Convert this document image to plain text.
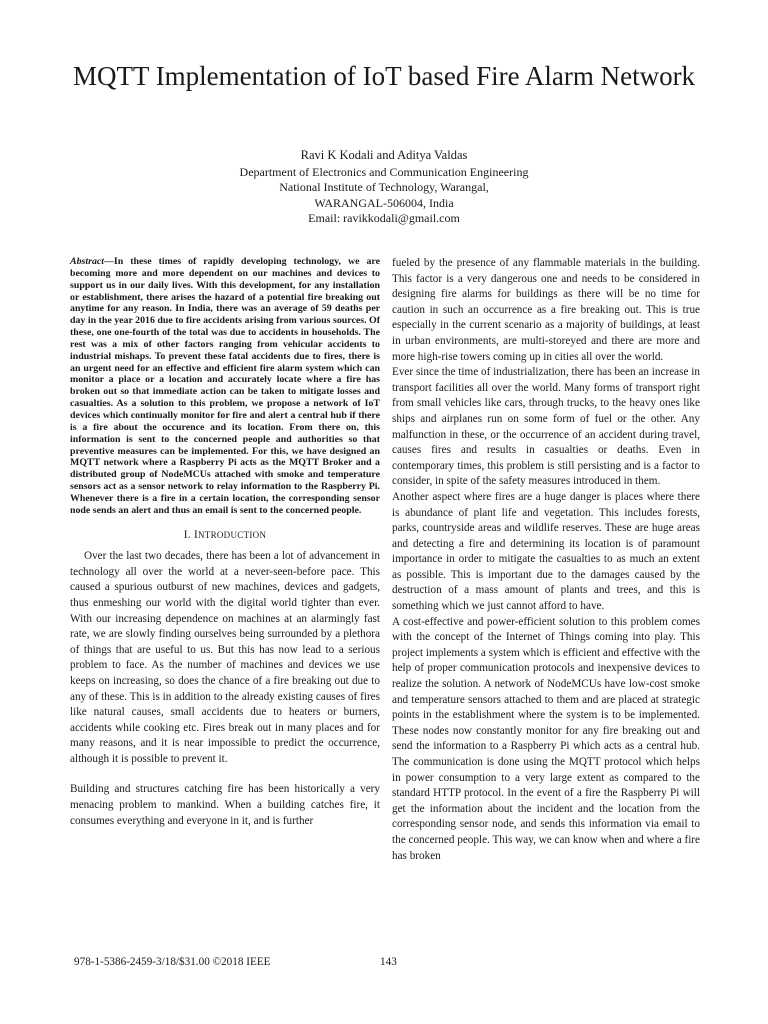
MQTT Implementation of IoT based Fire Alarm Network
Ravi K Kodali and Aditya Valdas
Department of Electronics and Communication Engineering
National Institute of Technology, Warangal,
WARANGAL-506004, India
Email: ravikkodali@gmail.com

Abstract—In these times of rapidly developing technology, we are becoming more and more dependent on our machines and devices to support us in our daily lives. With this development, for any installation or establishment, there arises the hazard of a potential fire breaking out anytime for any reason. In India, there was an average of 59 deaths per day in the year 2016 due to fire accidents arising from various sources. Of these, one one-fourth of the total was due to accidents in households. The rest was a mix of other factors ranging from vehicular accidents to industrial mishaps. To prevent these fatal accidents due to fires, there is an urgent need for an effective and efficient fire alarm system which can monitor a place or a location and accurately locate where a fire has broken out so that immediate action can be taken to mitigate losses and casualties. As a solution to this problem, we propose a network of IoT devices which continually monitor for fire and alert a central hub if there is a fire about the occurence and its location. From there on, this information is sent to the concerned people and authorities so that preventive measures can be implemented. For this, we have designed an MQTT network where a Raspberry Pi acts as the MQTT Broker and a distributed group of NodeMCUs attached with smoke and temperature sensors act as a sensor network to relay information to the Raspberry Pi. Whenever there is a fire in a certain location, the corresponding sensor node sends an alert and thus an email is sent to the concerned people.

I. INTRODUCTION

Over the last two decades, there has been a lot of advancement in technology all over the world at a never-seen-before pace. This caused a spurious outburst of new machines, devices and gadgets, thus enmeshing our world with the digital world tighter than ever. With our increasing dependence on machines at an alarmingly fast rate, we are slowly finding ourselves being surrounded by a plethora of things that are useful to us. But this has now lead to a serious problem to face. As the number of machines and devices we use keeps on increasing, so does the chance of a fire breaking out due to any of these. This is in addition to the already existing causes of fires like natural causes, small accidents due to heaters or burners, accidents while cooking etc. Fires break out in many places and for many reasons, and it is near impossible to predict the occurrence, although it is possible to prevent it.

Building and structures catching fire has been historically a very menacing problem to mankind. When a building catches fire, it consumes everything and everyone in it, and is further

fueled by the presence of any flammable materials in the building. This factor is a very dangerous one and needs to be considered in designing fire alarms for buildings as there will be no time for caution in such an occurrence as a fire breaking out. This is true especially in the current scenario as a majority of buildings, at least in urban environments, are multi-storeyed and there are more and more high-rise towers coming up in cities all over the world.

Ever since the time of industrialization, there has been an increase in transport facilities all over the world. Many forms of transport right from small vehicles like cars, through trucks, to the heavy ones like ships and airplanes run on some form of fuel or the other. Any malfunction in these, or the occurrence of an accident during travel, causes fires and results in casualties or deaths. Even in contemporary times, this problem is still persisting and is a factor to consider, in spite of the safety measures introduced in them.

Another aspect where fires are a huge danger is places where there is abundance of plant life and vegetation. This includes forests, parks, countryside areas and wildlife reserves. These are huge areas and detecting a fire and determining its location is of paramount importance in order to mitigate the casualties to as much an extent as possible. This is important due to the damages caused by the destruction of a mass amount of plants and trees, and this is something which we just cannot afford to have.

A cost-effective and power-efficient solution to this problem comes with the concept of the Internet of Things coming into play. This project implements a system which is efficient and effective with the help of proper communication protocols and inexpensive devices to realize the solution. A network of NodeMCUs have low-cost smoke and temperature sensors attached to them and are placed at strategic points in the establishment where the system is to be implemented. These nodes now constantly monitor for any fire breaking out and send the information to a Raspberry Pi which acts as a central hub. The communication is done using the MQTT protocol which helps in power consumption to a very large extent as compared to the standard HTTP protocol. In the event of a fire the Raspberry Pi will get the information about the incident and the location from the corresponding sensor node, and sends this information via email to the concerned people. This way, we can know when and where a fire has broken

978-1-5386-2459-3/18/$31.00 ©2018 IEEE	143
